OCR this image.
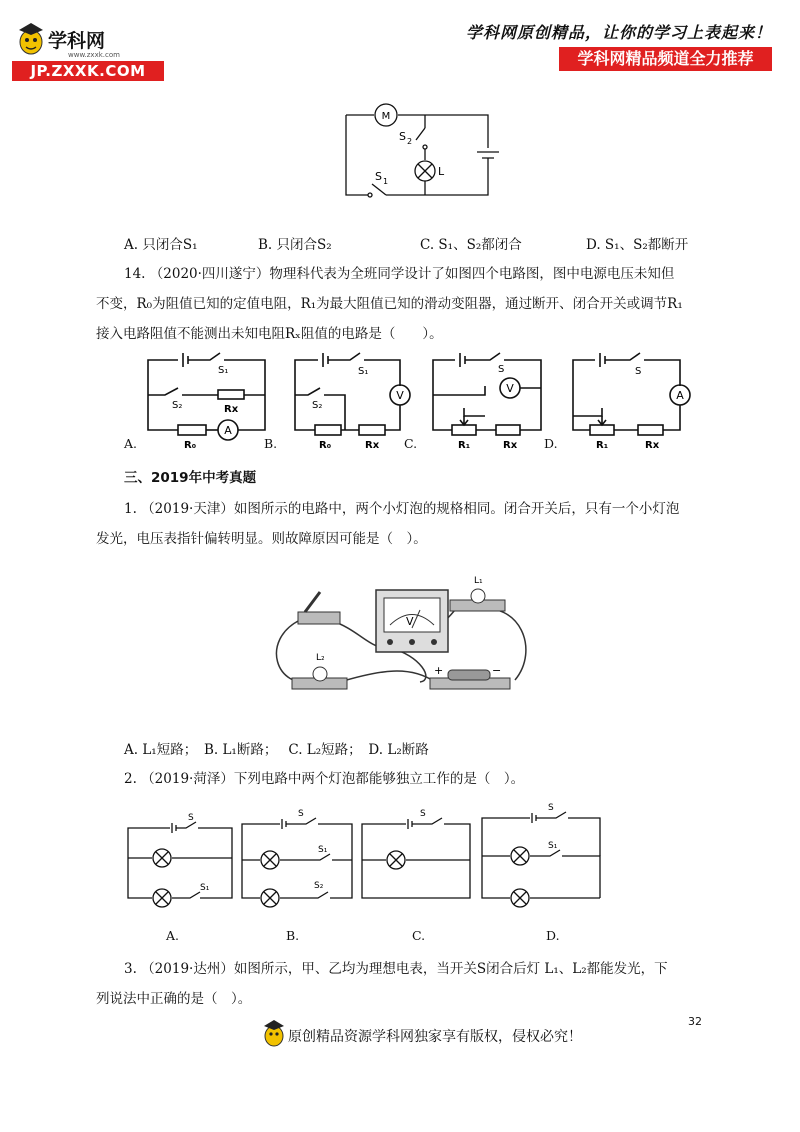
学科网
www.zxxk.com
JP.ZXXK.COM
学科网原创精品，让你的学习上表起来！
学科网精品频道全力推荐
M
S 2
L
S 1
A. 只闭合S₁	B. 只闭合S₂	C. S₁、S₂都闭合	D. S₁、S₂都断开
14. （2020·四川遂宁）物理科代表为全班同学设计了如图四个电路图，图中电源电压未知但
不变，R₀为阻值已知的定值电阻，R₁为最大阻值已知的滑动变阻器，通过断开、闭合开关或调节R₁
接入电路阻值不能测出未知电阻Rₓ阻值的电路是（　　）。
S₁
S₂	Rx
R₀
A
S₁
S₂
V
R₀	Rx
S
V
R₁	Rx
S
A
R₁	Rx
A.	B.	C.	D.
三、2019年中考真题
1. （2019·天津）如图所示的电路中，两个小灯泡的规格相同。闭合开关后，只有一个小灯泡
发光，电压表指针偏转明显。则故障原因可能是（　）。
V
L₁
L₂
+	−
A. L₁短路；　B. L₁断路；　 C. L₂短路；　D. L₂断路
2. （2019·菏泽）下列电路中两个灯泡都能够独立工作的是（　）。
S
S₁
S
S₁
S₂
S
S
S₁
A.	B.	C.	D.
3. （2019·达州）如图所示，甲、乙均为理想电表，当开关S闭合后灯 L₁、L₂都能发光，下
列说法中正确的是（　）。
32
原创精品资源学科网独家享有版权，侵权必究！
